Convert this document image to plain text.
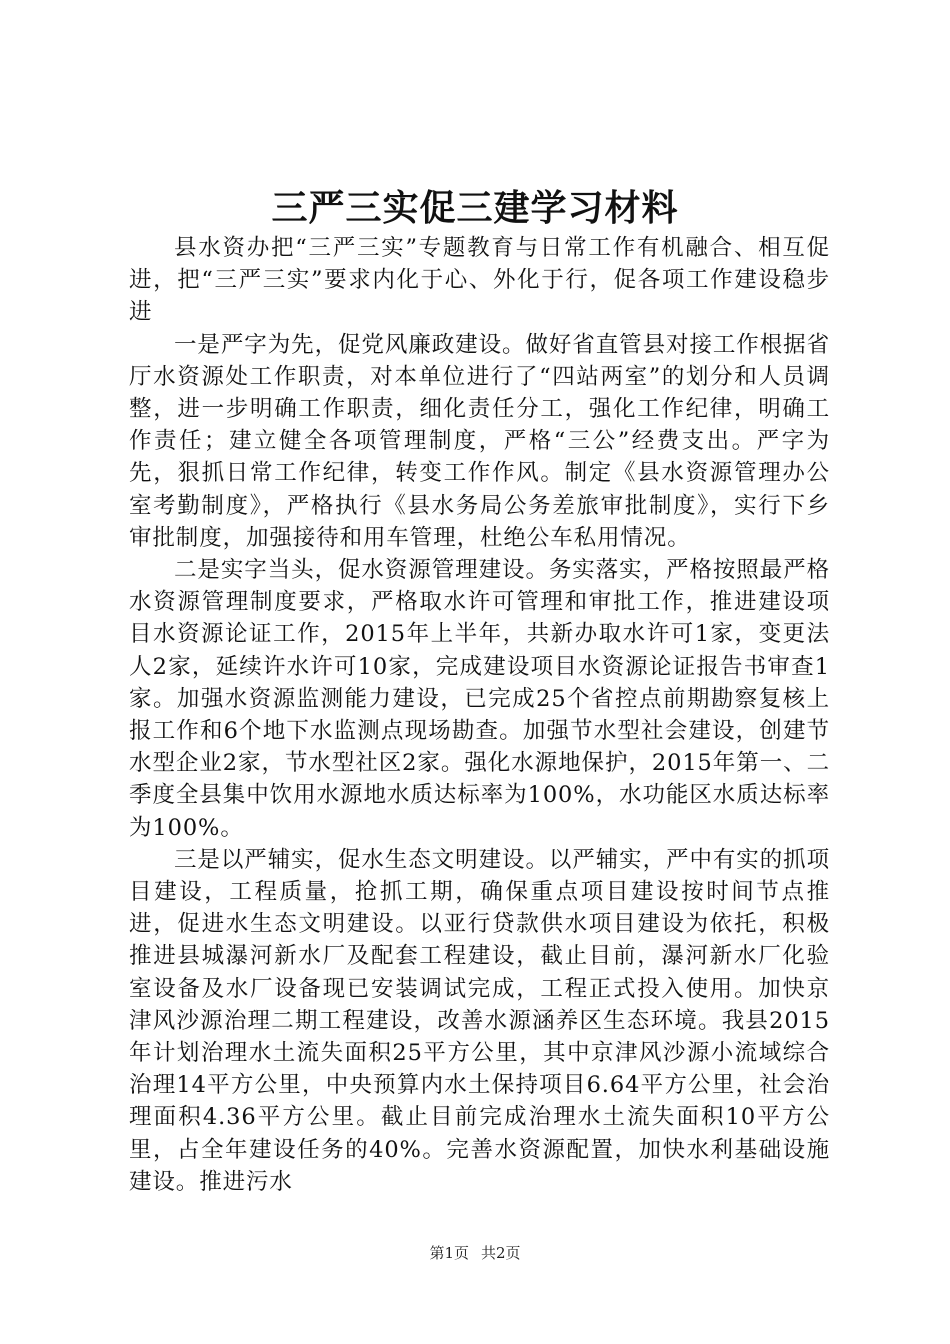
三严三实促三建学习材料

县水资办把“三严三实”专题教育与日常工作有机融合、相互促进，把“三严三实”要求内化于心、外化于行，促各项工作建设稳步进

一是严字为先，促党风廉政建设。做好省直管县对接工作根据省厅水资源处工作职责，对本单位进行了“四站两室”的划分和人员调整，进一步明确工作职责，细化责任分工，强化工作纪律，明确工作责任；建立健全各项管理制度，严格“三公”经费支出。严字为先，狠抓日常工作纪律，转变工作作风。制定《县水资源管理办公室考勤制度》，严格执行《县水务局公务差旅审批制度》，实行下乡审批制度，加强接待和用车管理，杜绝公车私用情况。

二是实字当头，促水资源管理建设。务实落实，严格按照最严格水资源管理制度要求，严格取水许可管理和审批工作，推进建设项目水资源论证工作，2015年上半年，共新办取水许可1家，变更法人2家，延续许水许可10家，完成建设项目水资源论证报告书审查1家。加强水资源监测能力建设，已完成25个省控点前期勘察复核上报工作和6个地下水监测点现场勘查。加强节水型社会建设，创建节水型企业2家，节水型社区2家。强化水源地保护，2015年第一、二季度全县集中饮用水源地水质达标率为100%，水功能区水质达标率为100%。

三是以严辅实，促水生态文明建设。以严辅实，严中有实的抓项目建设，工程质量，抢抓工期，确保重点项目建设按时间节点推进，促进水生态文明建设。以亚行贷款供水项目建设为依托，积极推进县城瀑河新水厂及配套工程建设，截止目前，瀑河新水厂化验室设备及水厂设备现已安装调试完成，工程正式投入使用。加快京津风沙源治理二期工程建设，改善水源涵养区生态环境。我县2015年计划治理水土流失面积25平方公里，其中京津风沙源小流域综合治理14平方公里，中央预算内水土保持项目6.64平方公里，社会治理面积4.36平方公里。截止目前完成治理水土流失面积10平方公里，占全年建设任务的40%。完善水资源配置，加快水利基础设施建设。推进污水

第1页 共2页
